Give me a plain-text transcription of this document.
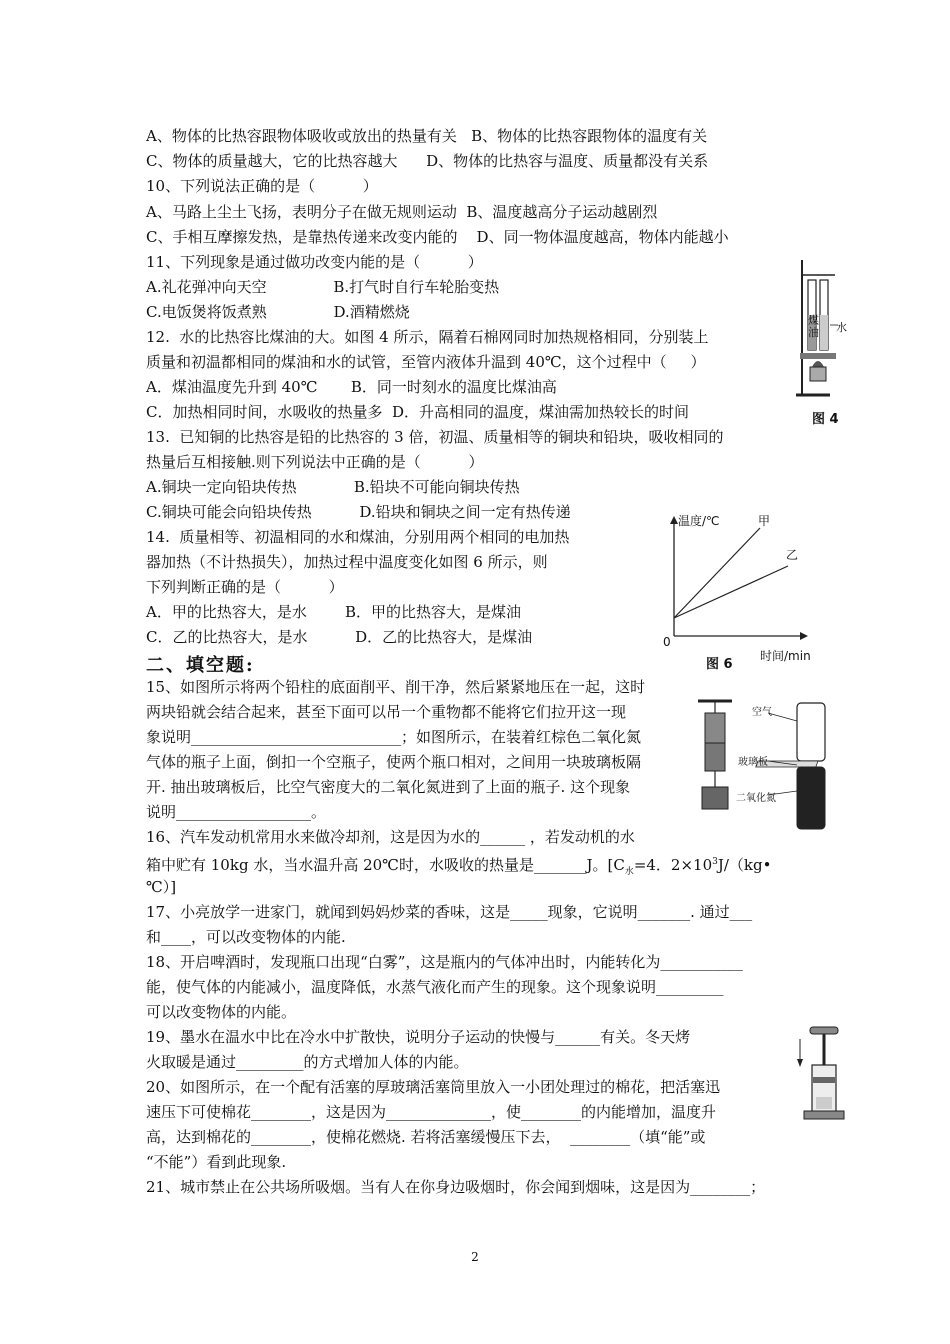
A、物体的比热容跟物体吸收或放出的热量有关   B、物体的比热容跟物体的温度有关
C、物体的质量越大，它的比热容越大      D、物体的比热容与温度、质量都没有关系
10、下列说法正确的是（          ）
A、马路上尘土飞扬，表明分子在做无规则运动  B、温度越高分子运动越剧烈
C、手相互摩擦发热，是靠热传递来改变内能的    D、同一物体温度越高，物体内能越小
11、下列现象是通过做功改变内能的是（          ）
A.礼花弹冲向天空              B.打气时自行车轮胎变热
C.电饭煲将饭煮熟              D.酒精燃烧
12.  水的比热容比煤油的大。如图 4 所示，隔着石棉网同时加热规格相同，分别装上
质量和初温都相同的煤油和水的试管，至管内液体升温到 40℃，这个过程中（     ）
A．煤油温度先升到 40℃       B．同一时刻水的温度比煤油高
C．加热相同时间，水吸收的热量多  D．升高相同的温度，煤油需加热较长的时间
13.  已知铜的比热容是铅的比热容的 3 倍，初温、质量相等的铜块和铅块，吸收相同的
热量后互相接触.则下列说法中正确的是（          ）
A.铜块一定向铅块传热            B.铅块不可能向铜块传热
C.铜块可能会向铅块传热          D.铅块和铜块之间一定有热传递
14.  质量相等、初温相同的水和煤油，分别用两个相同的电加热
器加热（不计热损失），加热过程中温度变化如图 6 所示，则
下列判断正确的是（          ）
A．甲的比热容大，是水        B．甲的比热容大，是煤油
C．乙的比热容大，是水          D．乙的比热容大，是煤油
二、填空题:
15、如图所示将两个铅柱的底面削平、削干净，然后紧紧地压在一起，这时
两块铅就会结合起来，甚至下面可以吊一个重物都不能将它们拉开这一现
象说明____________________________；如图所示，在装着红棕色二氧化氮
气体的瓶子上面，倒扣一个空瓶子，使两个瓶口相对，之间用一块玻璃板隔
开. 抽出玻璃板后，比空气密度大的二氧化氮进到了上面的瓶子. 这个现象
说明__________________。
16、汽车发动机常用水来做冷却剂，这是因为水的______ ，若发动机的水
箱中贮有 10kg 水，当水温升高 20℃时，水吸收的热量是_______J。[$C_水=4$．$2\times 10^3J/(kg•$
℃）]
17、小亮放学一进家门，就闻到妈妈炒菜的香味，这是_____现象，它说明_______. 通过___
和____，可以改变物体的内能.
18、开启啤酒时，发现瓶口出现“白雾”，这是瓶内的气体冲出时，内能转化为___________
能，使气体的内能减小，温度降低，水蒸气液化而产生的现象。这个现象说明_________
可以改变物体的内能。
19、墨水在温水中比在冷水中扩散快，说明分子运动的快慢与______有关。冬天烤
火取暖是通过_________的方式增加人体的内能。
20、如图所示，在一个配有活塞的厚玻璃活塞筒里放入一小团处理过的棉花，把活塞迅
速压下可使棉花________，这是因为______________，使________的内能增加，温度升
高，达到棉花的________，使棉花燃烧. 若将活塞缓慢压下去，  ________（填“能”或
“不能”）看到此现象.
21、城市禁止在公共场所吸烟。当有人在你身边吸烟时，你会闻到烟味，这是因为________；
煤油 水
图 4
温度/℃	甲
乙
0
图 6
时间/min
空气
玻璃板
二氧化氮
2
